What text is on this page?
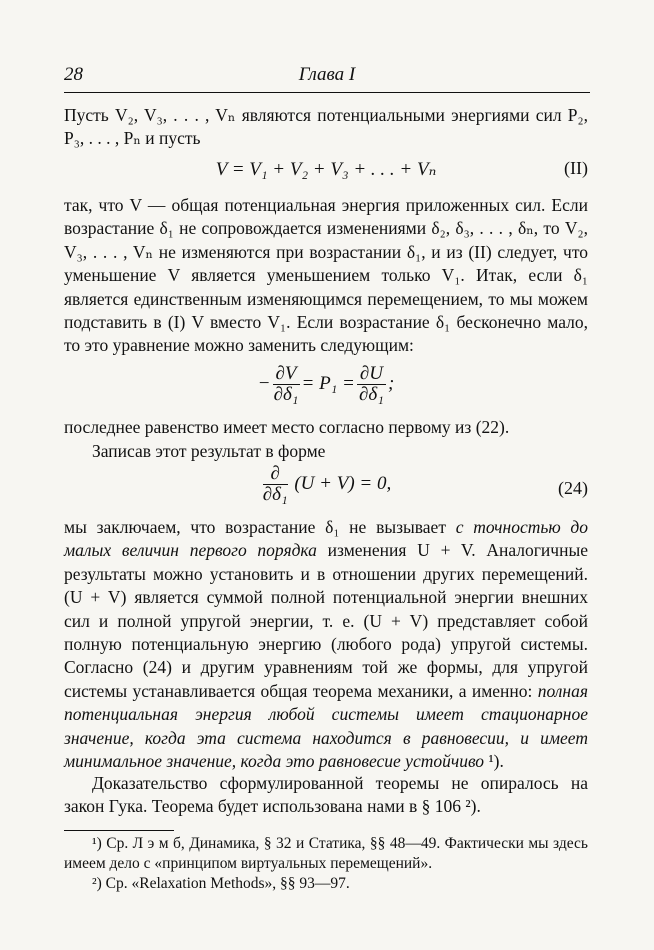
28	Глава I
Пусть V₂, V₃, . . . , Vₙ являются потенциальными энергиями сил P₂, P₃, . . . , Pₙ и пусть
V = V₁ + V₂ + V₃ + . . . + Vₙ	(II)
так, что V — общая потенциальная энергия приложенных сил. Если возрастание δ₁ не сопровождается изменениями δ₂, δ₃, . . . , δₙ, то V₂, V₃, . . . , Vₙ не изменяются при возрастании δ₁, и из (II) следует, что уменьшение V является уменьшением только V₁. Итак, если δ₁ является единственным изменяющимся перемещением, то мы можем подставить в (I) V вместо V₁. Если возрастание δ₁ бесконечно мало, то это уравнение можно заменить следующим:
− $\frac{\partial V}{\text{∂δ₁}} = P_1 = \frac{\partial U}{\text{∂δ₁}}$ ;
последнее равенство имеет место согласно первому из (22).
Записав этот результат в форме
$\frac{\partial}{\text{∂δ₁}} (U + V) = 0$,	(24)
мы заключаем, что возрастание δ₁ не вызывает с точностью до малых величин первого порядка изменения U + V. Аналогичные результаты можно установить и в отношении других перемещений. (U + V) является суммой полной потенциальной энергии внешних сил и полной упругой энергии, т. е. (U + V) представляет собой полную потенциальную энергию (любого рода) упругой системы. Согласно (24) и другим уравнениям той же формы, для упругой системы устанавливается общая теорема механики, а именно: полная потенциальная энергия любой системы имеет стационарное значение, когда эта система находится в равновесии, и имеет минимальное значение, когда это равновесие устойчиво ¹).
Доказательство сформулированной теоремы не опиралось на закон Гука. Теорема будет использована нами в § 106 ²).

¹) Ср. Л э м б, Динамика, § 32 и Статика, §§ 48—49. Фактически мы здесь имеем дело с «принципом виртуальных перемещений».

²) Ср. «Relaxation Methods», §§ 93—97.
